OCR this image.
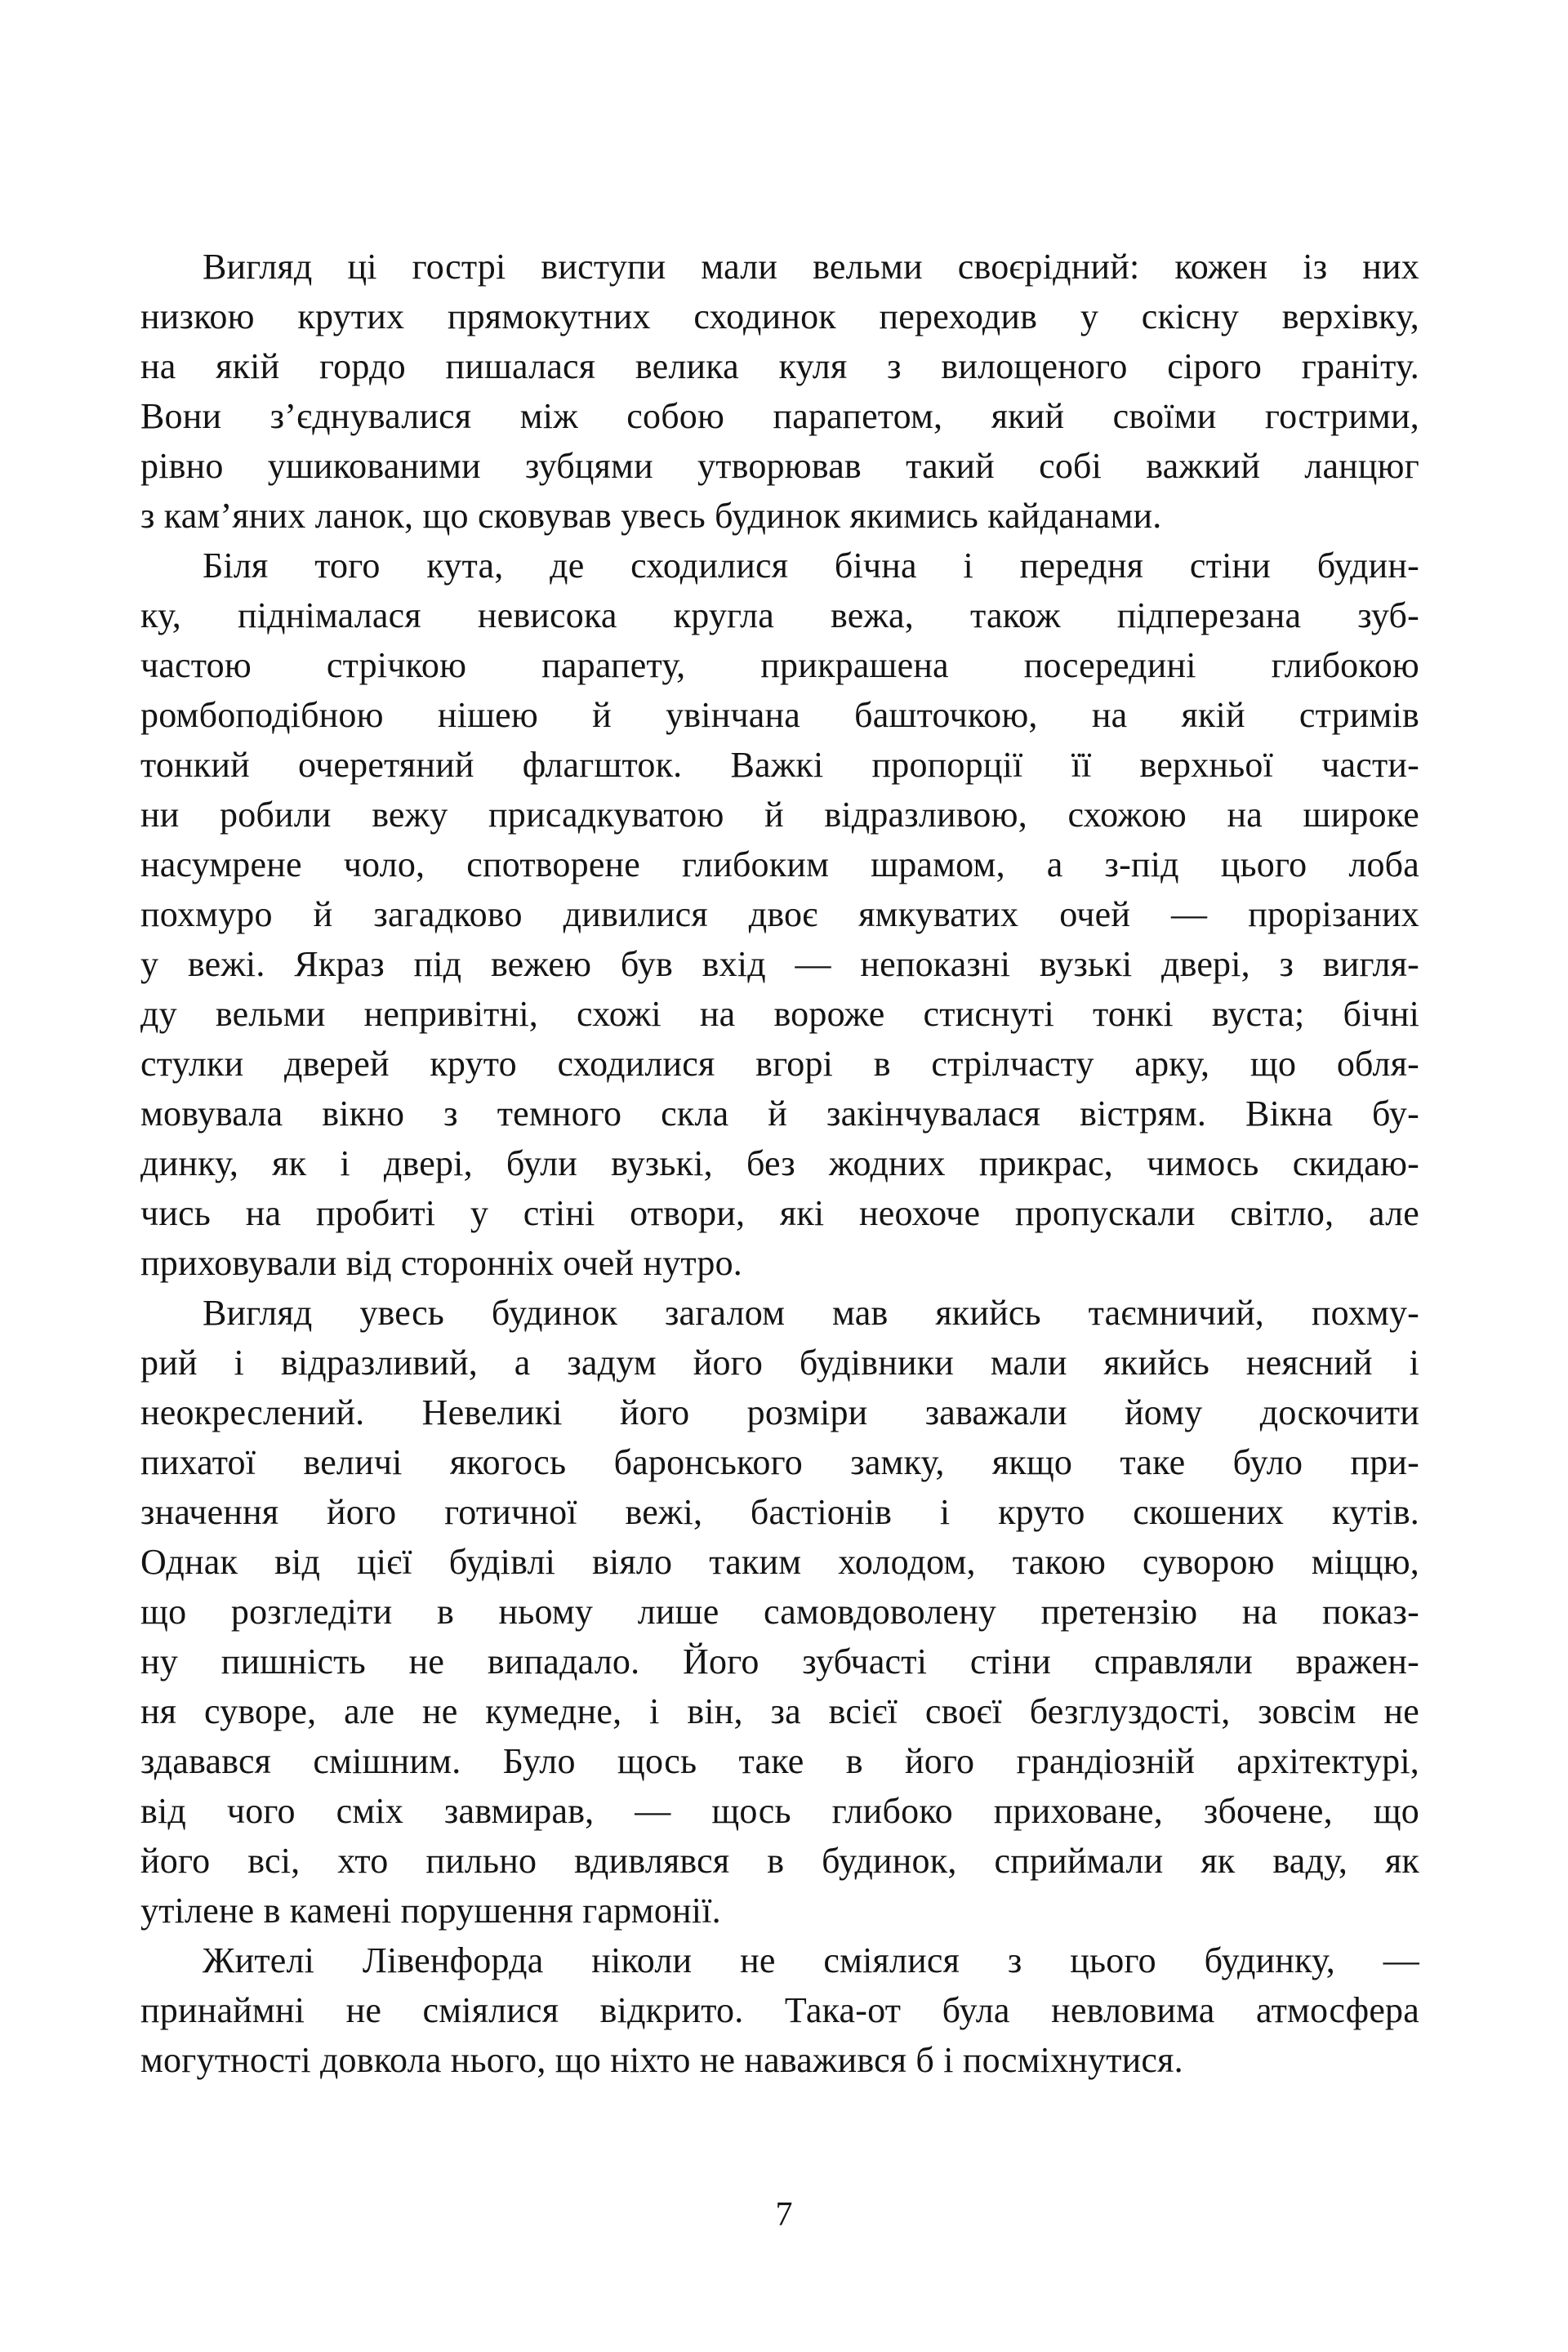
Вигляд ці гострі виступи мали вельми своєрідний: кожен із них
низкою крутих прямокутних сходинок переходив у скісну верхівку,
на якій гордо пишалася велика куля з вилощеного сірого граніту.
Вони з’єднувалися між собою парапетом, який своїми гострими,
рівно ушикованими зубцями утворював такий собі важкий ланцюг
з кам’яних ланок, що сковував увесь будинок якимись кайданами.
Біля того кута, де сходилися бічна і передня стіни будин-
ку, піднімалася невисока кругла вежа, також підперезана зуб-
частою стрічкою парапету, прикрашена посередині глибокою
ромбоподібною нішею й увінчана башточкою, на якій стримів
тонкий очеретяний флагшток. Важкі пропорції її верхньої части-
ни робили вежу присадкуватою й відразливою, схожою на широке
насумрене чоло, спотворене глибоким шрамом, а з-під цього лоба
похмуро й загадково дивилися двоє ямкуватих очей — прорізаних
у вежі. Якраз під вежею був вхід — непоказні вузькі двері, з вигля-
ду вельми непривітні, схожі на вороже стиснуті тонкі вуста; бічні
стулки дверей круто сходилися вгорі в стрілчасту арку, що обля-
мовувала вікно з темного скла й закінчувалася вістрям. Вікна бу-
динку, як і двері, були вузькі, без жодних прикрас, чимось скидаю-
чись на пробиті у стіні отвори, які неохоче пропускали світло, але
приховували від сторонніх очей нутро.
Вигляд увесь будинок загалом мав якийсь таємничий, похму-
рий і відразливий, а задум його будівники мали якийсь неясний і
неокреслений. Невеликі його розміри заважали йому доскочити
пихатої величі якогось баронського замку, якщо таке було при-
значення його готичної вежі, бастіонів і круто скошених кутів.
Однак від цієї будівлі віяло таким холодом, такою суворою міццю,
що розгледіти в ньому лише самовдоволену претензію на показ-
ну пишність не випадало. Його зубчасті стіни справляли вражен-
ня суворе, але не кумедне, і він, за всієї своєї безглуздості, зовсім не
здавався смішним. Було щось таке в його грандіозній архітектурі,
від чого сміх завмирав, — щось глибоко приховане, збочене, що
його всі, хто пильно вдивлявся в будинок, сприймали як ваду, як
утілене в камені порушення гармонії.
Жителі Лівенфорда ніколи не сміялися з цього будинку, —
принаймні не сміялися відкрито. Така-от була невловима атмосфера
могутності довкола нього, що ніхто не наважився б і посміхнутися.
7
